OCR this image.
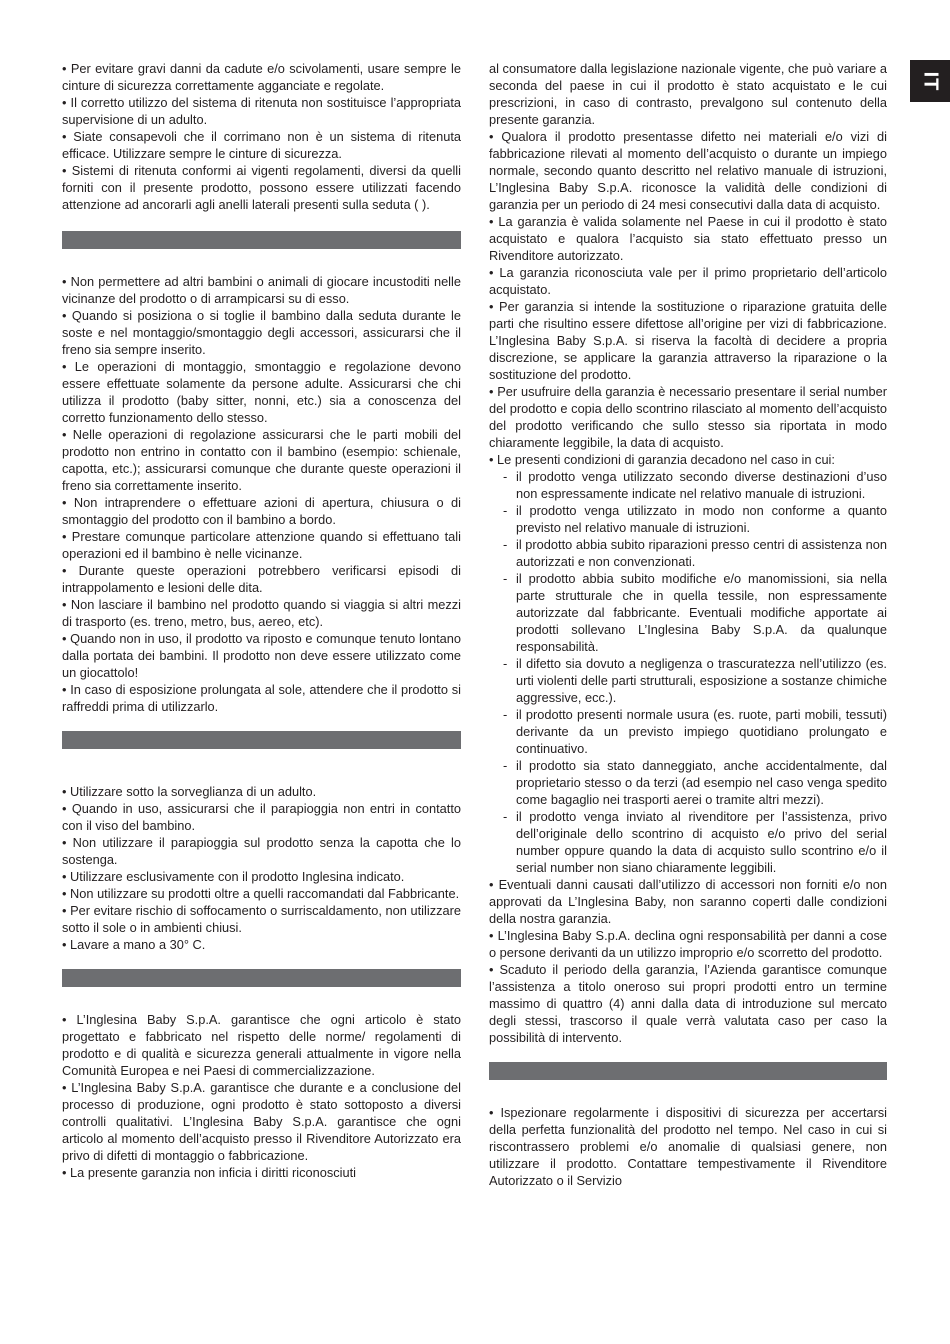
IT

• Per evitare gravi danni da cadute e/o scivolamenti, usare sempre le cinture di sicurezza correttamente agganciate e regolate.

• Il corretto utilizzo del sistema di ritenuta non sostituisce l’appropriata supervisione di un adulto.

• Siate consapevoli che il corrimano non è un sistema di ritenuta efficace. Utilizzare sempre le cinture di sicurezza.

• Sistemi di ritenuta conformi ai vigenti regolamenti, diversi da quelli forniti con il presente prodotto, possono essere utilizzati facendo attenzione ad ancorarli agli anelli laterali presenti sulla seduta ( ).

• Non permettere ad altri bambini o animali di giocare incustoditi nelle vicinanze del prodotto o di arrampicarsi su di esso.

• Quando si posiziona o si toglie il bambino dalla seduta durante le soste e nel montaggio/smontaggio degli accessori, assicurarsi che il freno sia sempre inserito.

• Le operazioni di montaggio, smontaggio e regolazione devono essere effettuate solamente da persone adulte. Assicurarsi che chi utilizza il prodotto (baby sitter, nonni, etc.) sia a conoscenza del corretto funzionamento dello stesso.

• Nelle operazioni di regolazione assicurarsi che le parti mobili del prodotto non entrino in contatto con il bambino (esempio: schienale, capotta, etc.); assicurarsi comunque che durante queste operazioni il freno sia correttamente inserito.

• Non intraprendere o effettuare azioni di apertura, chiusura o di smontaggio del prodotto con il bambino a bordo.

• Prestare comunque particolare attenzione quando si effettuano tali operazioni ed il bambino è nelle vicinanze.

• Durante queste operazioni potrebbero verificarsi episodi di intrappolamento e lesioni delle dita.

• Non lasciare il bambino nel prodotto quando si viaggia si altri mezzi di trasporto (es. treno, metro, bus, aereo, etc).

• Quando non in uso, il prodotto va riposto e comunque tenuto lontano dalla portata dei bambini. Il prodotto non deve essere utilizzato come un giocattolo!

• In caso di esposizione prolungata al sole, attendere che il prodotto si raffreddi prima di utilizzarlo.

• Utilizzare sotto la sorveglianza di un adulto.

• Quando in uso, assicurarsi che il parapioggia non entri in contatto con il viso del bambino.

• Non utilizzare il parapioggia sul prodotto senza la capotta che lo sostenga.

• Utilizzare esclusivamente con il prodotto Inglesina indicato.

• Non utilizzare su prodotti oltre a quelli raccomandati dal Fabbricante.

• Per evitare rischio di soffocamento o surriscaldamento, non utilizzare sotto il sole o in ambienti chiusi.

• Lavare a mano a 30° C.

• L’Inglesina Baby S.p.A. garantisce che ogni articolo è stato progettato e fabbricato nel rispetto delle norme/ regolamenti di prodotto e di qualità e sicurezza generali attualmente in vigore nella Comunità Europea e nei Paesi di commercializzazione.

• L’Inglesina Baby S.p.A. garantisce che durante e a conclusione del processo di produzione, ogni prodotto è stato sottoposto a diversi controlli qualitativi. L’Inglesina Baby S.p.A. garantisce che ogni articolo al momento dell’acquisto presso il Rivenditore Autorizzato era privo di difetti di montaggio o fabbricazione.

• La presente garanzia non inficia i diritti riconosciuti

al consumatore dalla legislazione nazionale vigente, che può variare a seconda del paese in cui il prodotto è stato acquistato e le cui prescrizioni, in caso di contrasto, prevalgono sul contenuto della presente garanzia.

• Qualora il prodotto presentasse difetto nei materiali e/o vizi di fabbricazione rilevati al momento dell’acquisto o durante un impiego normale, secondo quanto descritto nel relativo manuale di istruzioni, L’Inglesina Baby S.p.A. riconosce la validità delle condizioni di garanzia per un periodo di 24 mesi consecutivi dalla data di acquisto.

• La garanzia è valida solamente nel Paese in cui il prodotto è stato acquistato e qualora l’acquisto sia stato effettuato presso un Rivenditore autorizzato.

• La garanzia riconosciuta vale per il primo proprietario dell’articolo acquistato.

• Per garanzia si intende la sostituzione o riparazione gratuita delle parti che risultino essere difettose all’origine per vizi di fabbricazione. L’Inglesina Baby S.p.A. si riserva la facoltà di decidere a propria discrezione, se applicare la garanzia attraverso la riparazione o la sostituzione del prodotto.

• Per usufruire della garanzia è necessario presentare il serial number del prodotto e copia dello scontrino rilasciato al momento dell’acquisto del prodotto verificando che sullo stesso sia riportata in modo chiaramente leggibile, la data di acquisto.

• Le presenti condizioni di garanzia decadono nel caso in cui:

- il prodotto venga utilizzato secondo diverse destinazioni d’uso non espressamente indicate nel relativo manuale di istruzioni.
- il prodotto venga utilizzato in modo non conforme a quanto previsto nel relativo manuale di istruzioni.
- il prodotto abbia subito riparazioni presso centri di assistenza non autorizzati e non convenzionati.
- il prodotto abbia subito modifiche e/o manomissioni, sia nella parte strutturale che in quella tessile, non espressamente autorizzate dal fabbricante. Eventuali modifiche apportate ai prodotti sollevano L’Inglesina Baby S.p.A. da qualunque responsabilità.
- il difetto sia dovuto a negligenza o trascuratezza nell’utilizzo (es. urti violenti delle parti strutturali, esposizione a sostanze chimiche aggressive, ecc.).
- il prodotto presenti normale usura (es. ruote, parti mobili, tessuti) derivante da un previsto impiego quotidiano prolungato e continuativo.
- il prodotto sia stato danneggiato, anche accidentalmente, dal proprietario stesso o da terzi (ad esempio nel caso venga spedito come bagaglio nei trasporti aerei o tramite altri mezzi).
- il prodotto venga inviato al rivenditore per l’assistenza, privo dell’originale dello scontrino di acquisto e/o privo del serial number oppure quando la data di acquisto sullo scontrino e/o il serial number non siano chiaramente leggibili.

• Eventuali danni causati dall’utilizzo di accessori non forniti e/o non approvati da L’Inglesina Baby, non saranno coperti dalle condizioni della nostra garanzia.

• L’Inglesina Baby S.p.A. declina ogni responsabilità per danni a cose o persone derivanti da un utilizzo improprio e/o scorretto del prodotto.

• Scaduto il periodo della garanzia, l’Azienda garantisce comunque l’assistenza a titolo oneroso sui propri prodotti entro un termine massimo di quattro (4) anni dalla data di introduzione sul mercato degli stessi, trascorso il quale verrà valutata caso per caso la possibilità di intervento.

• Ispezionare regolarmente i dispositivi di sicurezza per accertarsi della perfetta funzionalità del prodotto nel tempo. Nel caso in cui si riscontrassero problemi e/o anomalie di qualsiasi genere, non utilizzare il prodotto. Contattare tempestivamente il Rivenditore Autorizzato o il Servizio
